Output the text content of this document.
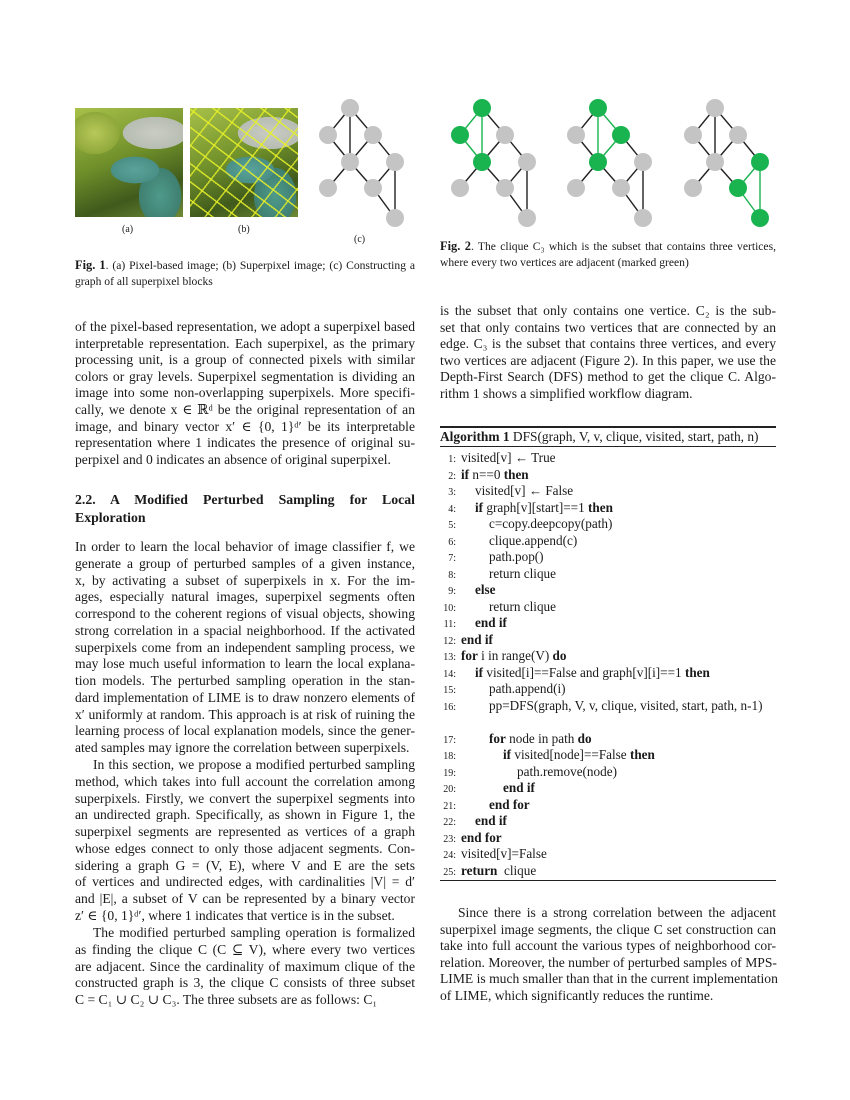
(a)	(b)
(c)
Fig. 1. (a) Pixel-based image; (b) Superpixel image; (c) Constructing a graph of all superpixel blocks
Fig. 2. The clique C₃ which is the subset that contains three vertices, where every two vertices are adjacent (marked green)
of the pixel-based representation, we adopt a superpixel based
interpretable representation. Each superpixel, as the primary
processing unit, is a group of connected pixels with similar
colors or gray levels. Superpixel segmentation is dividing an
image into some non-overlapping superpixels. More specifi-
cally, we denote x ∈ ℝᵈ be the original representation of an
image, and binary vector x′ ∈ {0, 1}ᵈ′ be its interpretable
representation where 1 indicates the presence of original su-
perpixel and 0 indicates an absence of original superpixel.
In order to learn the local behavior of image classifier f, we
generate a group of perturbed samples of a given instance,
x, by activating a subset of superpixels in x. For the im-
ages, especially natural images, superpixel segments often
correspond to the coherent regions of visual objects, showing
strong correlation in a spacial neighborhood. If the activated
superpixels come from an independent sampling process, we
may lose much useful information to learn the local explana-
tion models. The perturbed sampling operation in the stan-
dard implementation of LIME is to draw nonzero elements of
x′ uniformly at random. This approach is at risk of ruining the
learning process of local explanation models, since the gener-
ated samples may ignore the correlation between superpixels.
In this section, we propose a modified perturbed sampling
method, which takes into full account the correlation among
superpixels. Firstly, we convert the superpixel segments into
an undirected graph. Specifically, as shown in Figure 1, the
superpixel segments are represented as vertices of a graph
whose edges connect to only those adjacent segments. Con-
sidering a graph G = (V, E), where V and E are the sets
of vertices and undirected edges, with cardinalities |V| = d′
and |E|, a subset of V can be represented by a binary vector
z′ ∈ {0, 1}ᵈ′, where 1 indicates that vertice is in the subset.
The modified perturbed sampling operation is formalized
as finding the clique C (C ⊆ V), where every two vertices
are adjacent. Since the cardinality of maximum clique of the
constructed graph is 3, the clique C consists of three subset
C = C₁ ∪ C₂ ∪ C₃. The three subsets are as follows: C₁
2.2. A Modified Perturbed Sampling for Local Exploration
is the subset that only contains one vertice. C₂ is the sub-
set that only contains two vertices that are connected by an
edge. C₃ is the subset that contains three vertices, and every
two vertices are adjacent (Figure 2). In this paper, we use the
Depth-First Search (DFS) method to get the clique C. Algo-
rithm 1 shows a simplified workflow diagram.
Since there is a strong correlation between the adjacent
superpixel image segments, the clique C set construction can
take into full account the various types of neighborhood cor-
relation. Moreover, the number of perturbed samples of MPS-
LIME is much smaller than that in the current implementation
of LIME, which significantly reduces the runtime.
Algorithm 1 DFS(graph, V, v, clique, visited, start, path, n)
1: visited[v] ← True
2: if n==0 then
3: visited[v] ← False
4: if graph[v][start]==1 then
5:	c=copy.deepcopy(path)
6:	clique.append(c)
7:	path.pop()
8:	return clique
9: else
10:	return clique
11: end if
12: end if
13: for i in range(V) do
14: if visited[i]==False and graph[v][i]==1 then
15:	path.append(i)
16:	pp=DFS(graph, V, v, clique, visited, start, path, n-1)
17:	for node in path do
18:	if visited[node]==False then
19:	path.remove(node)
20:	end if
21:	end for
22: end if
23: end for
24: visited[v]=False
25: return  clique
